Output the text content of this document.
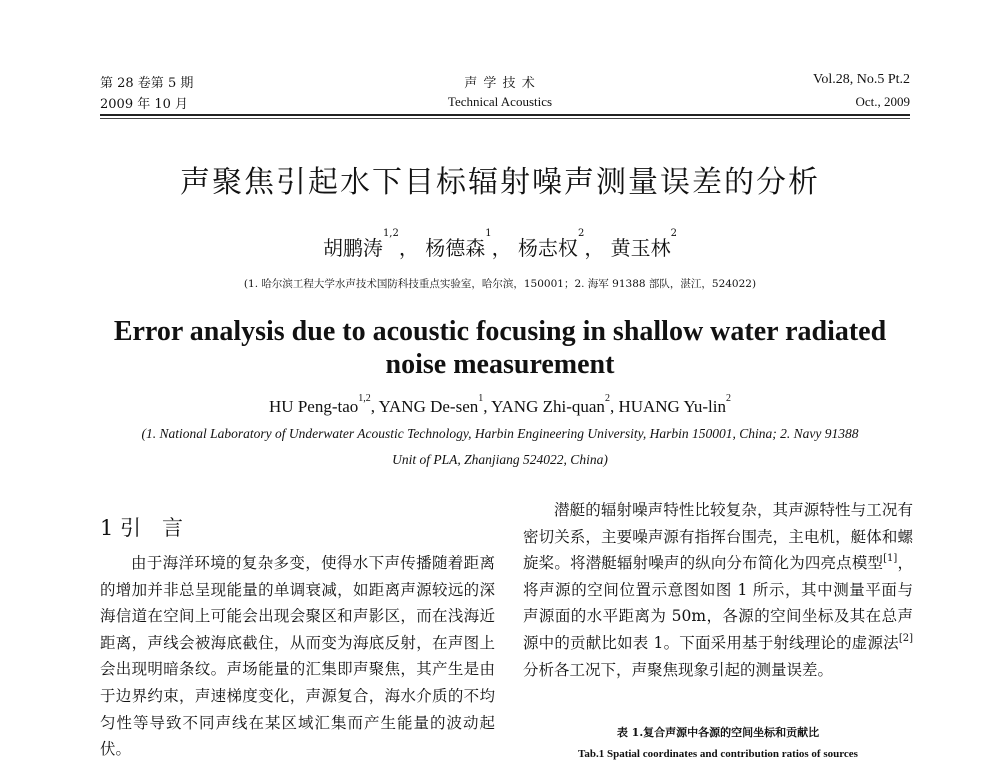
第 28 卷第 5 期
2009 年 10 月
声 学 技 术
Technical Acoustics
Vol.28, No.5 Pt.2
Oct., 2009
声聚焦引起水下目标辐射噪声测量误差的分析
胡鹏涛$^{1,2}$， 杨德森$^1$， 杨志权$^2$， 黄玉林$^2$
(1. 哈尔滨工程大学水声技术国防科技重点实验室，哈尔滨，150001；2. 海军 91388 部队，湛江，524022)
Error analysis due to acoustic focusing in shallow water radiated
noise measurement
HU Peng-tao$^{1,2}$, YANG De-sen$^1$, YANG Zhi-quan$^2$, HUANG Yu-lin$^2$
(1. National Laboratory of Underwater Acoustic Technology, Harbin Engineering University, Harbin 150001, China; 2. Navy 91388
Unit of PLA, Zhanjiang 524022, China)
1 引　言

由于海洋环境的复杂多变，使得水下声传播随着距离的增加并非总呈现能量的单调衰减，如距离声源较远的深海信道在空间上可能会出现会聚区和声影区，而在浅海近距离，声线会被海底截住，从而变为海底反射，在声图上会出现明暗条纹。声场能量的汇集即声聚焦，其产生是由于边界约束，声速梯度变化，声源复合，海水介质的不均匀性等导致不同声线在某区域汇集而产生能量的波动起伏。

潜艇的辐射噪声特性比较复杂，其声源特性与工况有密切关系，主要噪声源有指挥台围壳，主电机，艇体和螺旋桨。将潜艇辐射噪声的纵向分布简化为四亮点模型[1]，将声源的空间位置示意图如图 1 所示，其中测量平面与声源面的水平距离为 50m，各源的空间坐标及其在总声源中的贡献比如表 1。下面采用基于射线理论的虚源法[2]分析各工况下，声聚焦现象引起的测量误差。

表 1.复合声源中各源的空间坐标和贡献比
Tab.1 Spatial coordinates and contribution ratios of sources
